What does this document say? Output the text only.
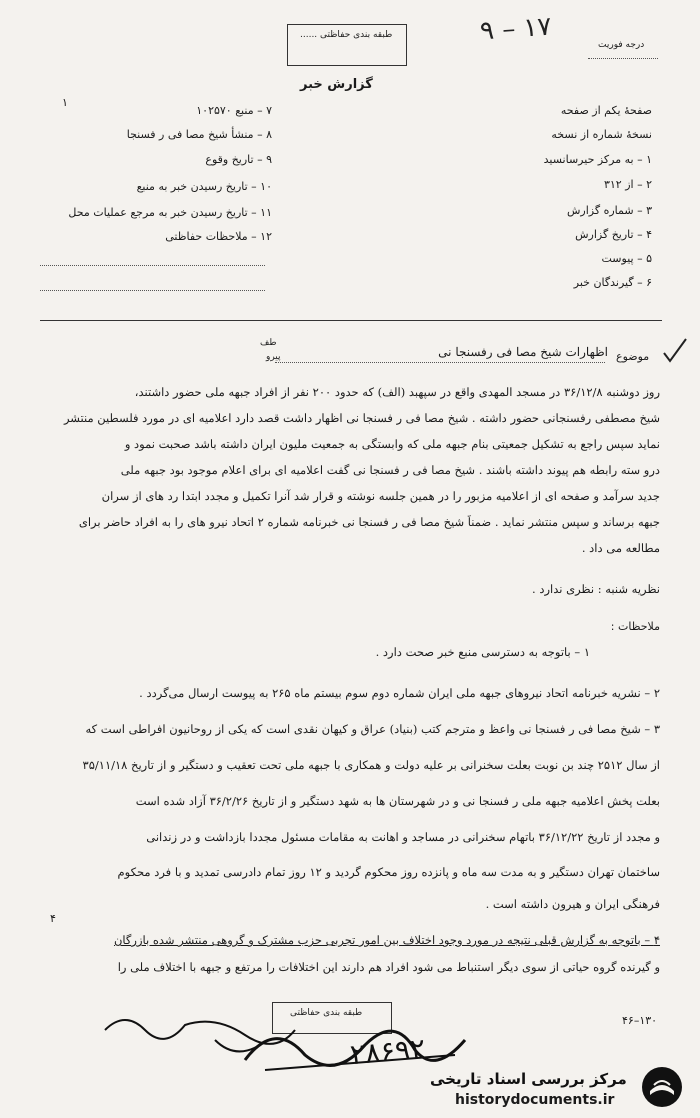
طبقه بندی حفاظتی ......	۹ – ۱۷	درجه فوریت
گزارش خبر
۱
۷ – منبع ۱۰۲۵۷۰
۸ – منشأ شیخ مصا فی ر فسنجا
۹ – تاریخ وقوع
۱۰ – تاریخ رسیدن خبر به منبع
۱۱ – تاریخ رسیدن خبر به مرجع عملیات محل
۱۲ – ملاحظات حفاظتی
صفحهٔ یکم از صفحه
نسخهٔ شماره از نسخه
۱ – به مرکز حیرسانسید
۲ – از ۳۱۲
۳ – شماره گزارش
۴ – تاریخ گزارش
۵ – پیوست
۶ – گیرندگان خبر
طف
پیرو	موضوع
اظهارات شیخ مصا فی رفسنجا نی
روز دوشنبه ۳۶/۱۲/۸ در مسجد المهدی واقع در سپهبد (الف) که حدود ۲۰۰ نفر از افراد جبهه ملی حضور داشتند،
شیخ مصطفی رفسنجانی حضور داشته . شیخ مصا فی ر فسنجا نی اظهار داشت قصد دارد اعلامیه ای در مورد فلسطین منتشر
نماید سپس راجع به تشکیل جمعیتی بنام جبهه ملی که وابستگی به جمعیت ملیون ایران داشته باشد صحبت نمود و
درو سته رابطه هم پیوند داشته باشند . شیخ مصا فی ر فسنجا نی گفت اعلامیه ای برای اعلام موجود بود جبهه ملی
جدید سرآمد و صفحه ای از اعلامیه مزبور را در همین جلسه نوشته و قرار شد آنرا تکمیل و مجدد ابتدا رد های از سران
جبهه برساند و سپس منتشر نماید . ضمناً شیخ مصا فی ر فسنجا نی خبرنامه شماره ۲ اتحاد نیرو های را به افراد حاضر برای
مطالعه می داد .
نظریه شنبه : نظری ندارد .
ملاحظات :
۱ – باتوجه به دسترسی منبع خبر صحت دارد .
۲ – نشریه خبرنامه اتحاد نیروهای جبهه ملی ایران شماره دوم سوم بیستم ماه ۲۶۵ به پیوست ارسال می‌گردد .
۳ – شیخ مصا فی ر فسنجا نی واعظ و مترجم کتب (بنیاد) عراق و کیهان نقدی است که یکی از روحانیون افراطی است که
از سال ۲۵۱۲ چند بن نوبت بعلت سخنرانی بر علیه دولت و همکاری با جبهه ملی تحت تعقیب و دستگیر و از تاریخ ۳۵/۱۱/۱۸
بعلت پخش اعلامیه جبهه ملی ر فسنجا نی و در شهرستان ها به شهد دستگیر و از تاریخ ۳۶/۲/۲۶ آزاد شده است
و مجدد از تاریخ ۳۶/۱۲/۲۲ باتهام سخنرانی در مساجد و اهانت به مقامات مسئول مجددا بازداشت و در زندانی
ساختمان تهران دستگیر و به مدت سه ماه و پانزده روز محکوم گردید و ۱۲ روز تمام دادرسی تمدید و با فرد محکوم
فرهنگی ایران و هیرون داشته است .
۴
۴ – باتوجه به گزارش قبلی نتیجه در مورد وجود اختلاف بین امور تجربی حزب مشترک و گروهی منتشر شده بازرگان
و گیرنده گروه حیاتی از سوی دیگر استنباط می شود افراد هم دارند این اختلافات را مرتفع و جبهه با اختلاف ملی را
طبقه بندی حفاظتی
۴۶–۱۳۰
۲۸۶۹۲
مرکز بررسی اسناد تاریخی
historydocuments.ir
